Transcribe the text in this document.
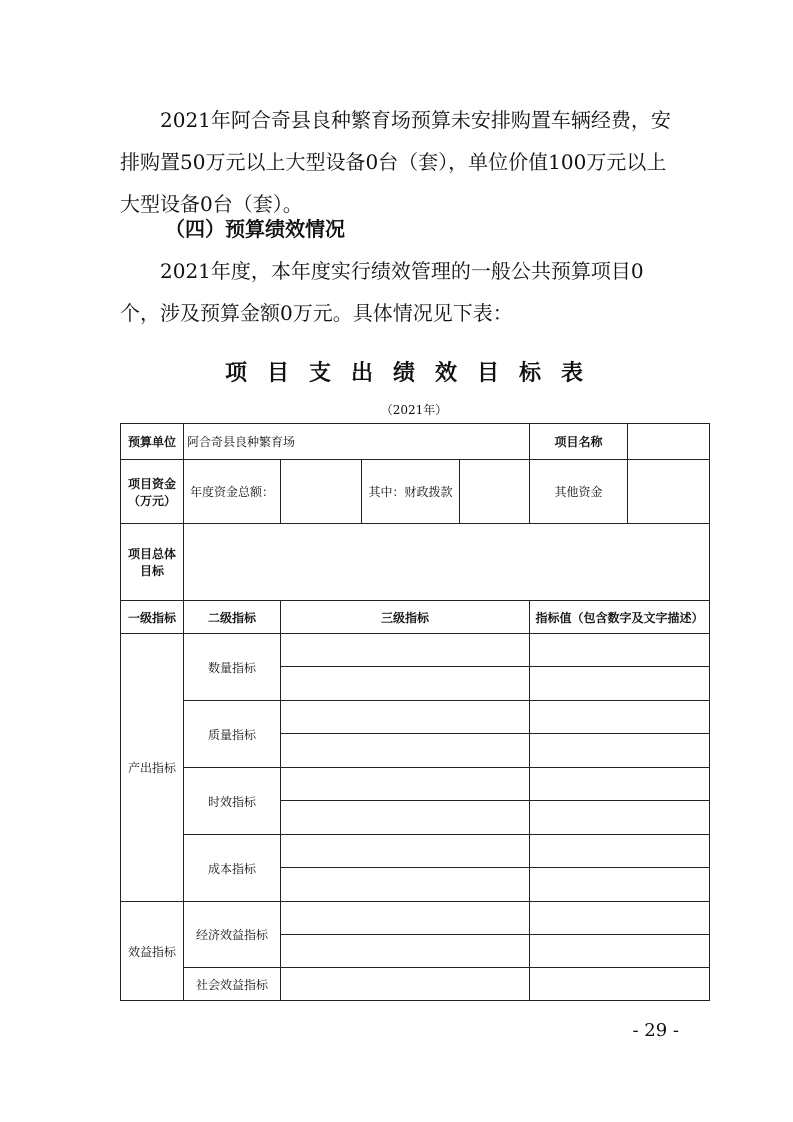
2021年阿合奇县良种繁育场预算未安排购置车辆经费，安排购置50万元以上大型设备0台（套），单位价值100万元以上大型设备0台（套）。
（四）预算绩效情况
2021年度，本年度实行绩效管理的一般公共预算项目0个，涉及预算金额0万元。具体情况见下表：
项目支出绩效目标表
（2021年）
预算单位	阿合奇县良种繁育场				项目名称	
项目资金（万元）	年度资金总额：		其中：财政拨款		其他资金	
项目总体目标						
一级指标	二级指标	三级指标			指标值（包含数字及文字描述）	
产出指标	数量指标					

	质量指标					

	时效指标					

	成本指标					

效益指标	经济效益指标					

	社会效益指标					
- 29 -
